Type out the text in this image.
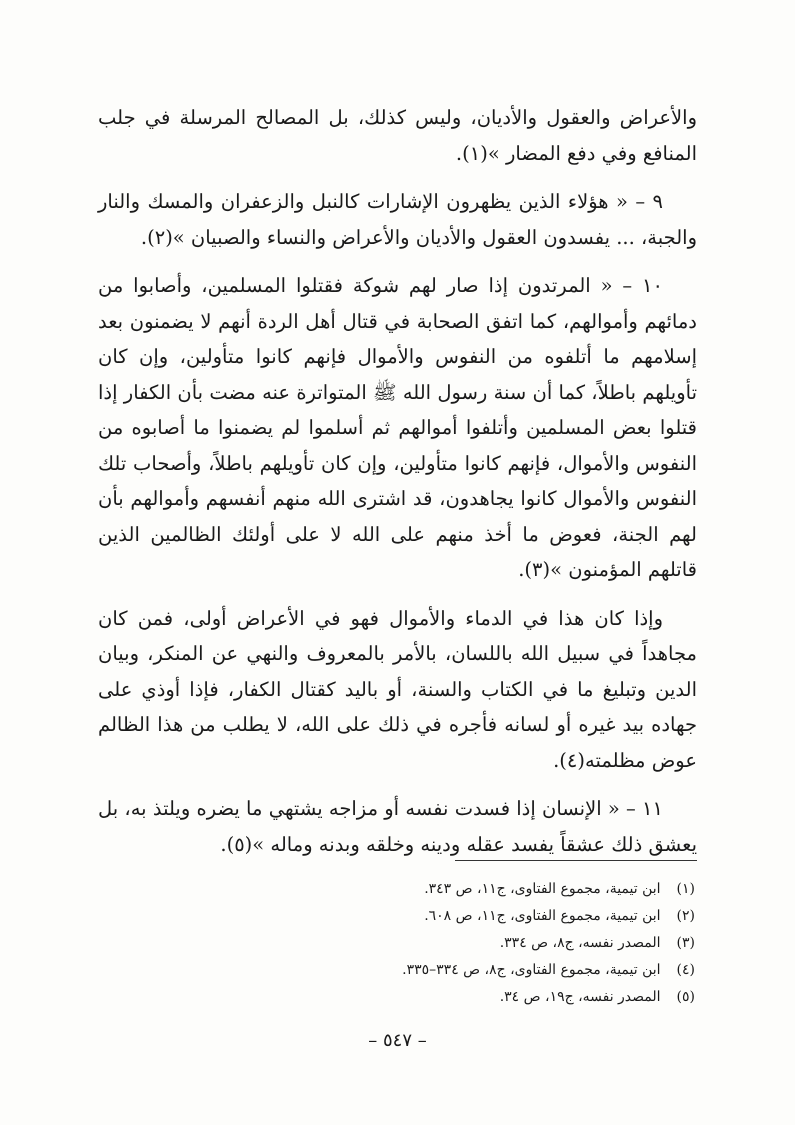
والأعراض والعقول والأديان، وليس كذلك، بل المصالح المرسلة في جلب المنافع وفي دفع المضار »(١).

٩ – « هؤلاء الذين يظهرون الإشارات كالنبل والزعفران والمسك والنار والجبة، ... يفسدون العقول والأديان والأعراض والنساء والصبيان »(٢).

١٠ – « المرتدون إذا صار لهم شوكة فقتلوا المسلمين، وأصابوا من دمائهم وأموالهم، كما اتفق الصحابة في قتال أهل الردة أنهم لا يضمنون بعد إسلامهم ما أتلفوه من النفوس والأموال فإنهم كانوا متأولين، وإن كان تأويلهم باطلاً، كما أن سنة رسول الله ﷺ المتواترة عنه مضت بأن الكفار إذا قتلوا بعض المسلمين وأتلفوا أموالهم ثم أسلموا لم يضمنوا ما أصابوه من النفوس والأموال، فإنهم كانوا متأولين، وإن كان تأويلهم باطلاً، وأصحاب تلك النفوس والأموال كانوا يجاهدون، قد اشترى الله منهم أنفسهم وأموالهم بأن لهم الجنة، فعوض ما أخذ منهم على الله لا على أولئك الظالمين الذين قاتلهم المؤمنون »(٣).

وإذا كان هذا في الدماء والأموال فهو في الأعراض أولى، فمن كان مجاهداً في سبيل الله باللسان، بالأمر بالمعروف والنهي عن المنكر، وبيان الدين وتبليغ ما في الكتاب والسنة، أو باليد كقتال الكفار، فإذا أوذي على جهاده بيد غيره أو لسانه فأجره في ذلك على الله، لا يطلب من هذا الظالم عوض مظلمته(٤).

١١ – « الإنسان إذا فسدت نفسه أو مزاجه يشتهي ما يضره ويلتذ به، بل يعشق ذلك عشقاً يفسد عقله ودينه وخلقه وبدنه وماله »(٥).

(١) ابن تيمية، مجموع الفتاوى، ج١١، ص ٣٤٣.
(٢) ابن تيمية، مجموع الفتاوى، ج١١، ص ٦٠٨.
(٣) المصدر نفسه، ج٨، ص ٣٣٤.
(٤) ابن تيمية، مجموع الفتاوى، ج٨، ص ٣٣٤–٣٣٥.
(٥) المصدر نفسه، ج١٩، ص ٣٤.
– ٥٤٧ –
